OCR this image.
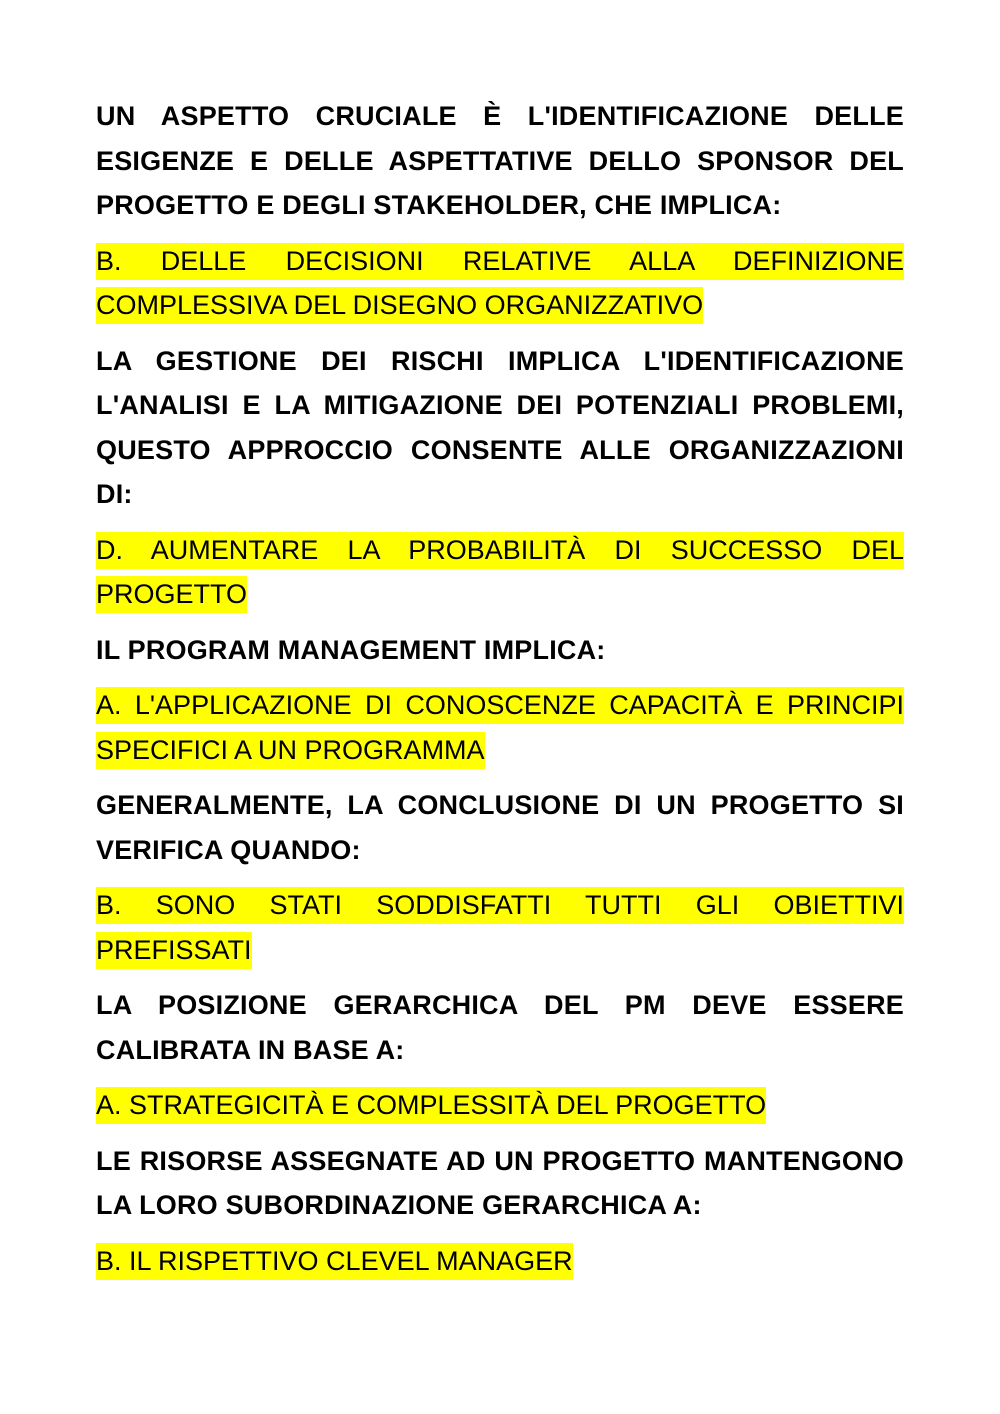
UN ASPETTO CRUCIALE È L'IDENTIFICAZIONE DELLE ESIGENZE E DELLE ASPETTATIVE DELLO SPONSOR DEL PROGETTO E DEGLI STAKEHOLDER, CHE IMPLICA:

B. DELLE DECISIONI RELATIVE ALLA DEFINIZIONE COMPLESSIVA DEL DISEGNO ORGANIZZATIVO

LA GESTIONE DEI RISCHI IMPLICA L'IDENTIFICAZIONE L'ANALISI E LA MITIGAZIONE DEI POTENZIALI PROBLEMI, QUESTO APPROCCIO CONSENTE ALLE ORGANIZZAZIONI DI:

D. AUMENTARE LA PROBABILITÀ DI SUCCESSO DEL PROGETTO

IL PROGRAM MANAGEMENT IMPLICA:

A. L'APPLICAZIONE DI CONOSCENZE CAPACITÀ E PRINCIPI SPECIFICI A UN PROGRAMMA

GENERALMENTE, LA CONCLUSIONE DI UN PROGETTO SI VERIFICA QUANDO:

B. SONO STATI SODDISFATTI TUTTI GLI OBIETTIVI PREFISSATI

LA POSIZIONE GERARCHICA DEL PM DEVE ESSERE CALIBRATA IN BASE A:

A. STRATEGICITÀ E COMPLESSITÀ DEL PROGETTO

LE RISORSE ASSEGNATE AD UN PROGETTO MANTENGONO LA LORO SUBORDINAZIONE GERARCHICA A:

B. IL RISPETTIVO CLEVEL MANAGER
